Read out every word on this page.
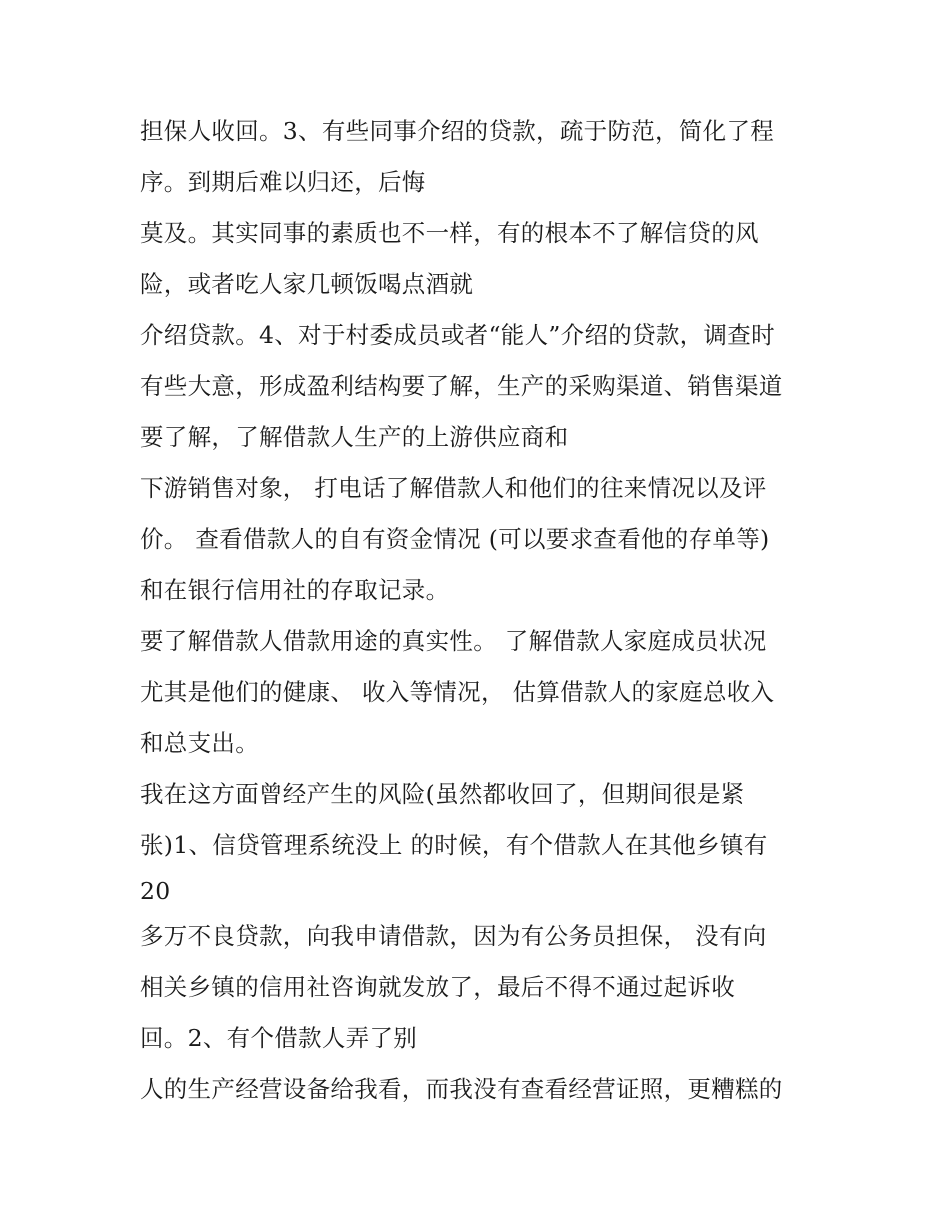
担保人收回。3、有些同事介绍的贷款，疏于防范，简化了程
序。到期后难以归还，后悔
莫及。其实同事的素质也不一样，有的根本不了解信贷的风
险，或者吃人家几顿饭喝点酒就
介绍贷款。4、对于村委成员或者“能人”介绍的贷款，调查时
有些大意，形成盈利结构要了解，生产的采购渠道、销售渠道
要了解，了解借款人生产的上游供应商和
下游销售对象， 打电话了解借款人和他们的往来情况以及评
价。 查看借款人的自有资金情况 (可以要求查看他的存单等)
和在银行信用社的存取记录。
要了解借款人借款用途的真实性。 了解借款人家庭成员状况
尤其是他们的健康、 收入等情况， 估算借款人的家庭总收入
和总支出。
我在这方面曾经产生的风险(虽然都收回了，但期间很是紧
张)1、信贷管理系统没上 的时候，有个借款人在其他乡镇有
20
多万不良贷款，向我申请借款，因为有公务员担保， 没有向
相关乡镇的信用社咨询就发放了，最后不得不通过起诉收
回。2、有个借款人弄了别
人的生产经营设备给我看，而我没有查看经营证照，更糟糕的
